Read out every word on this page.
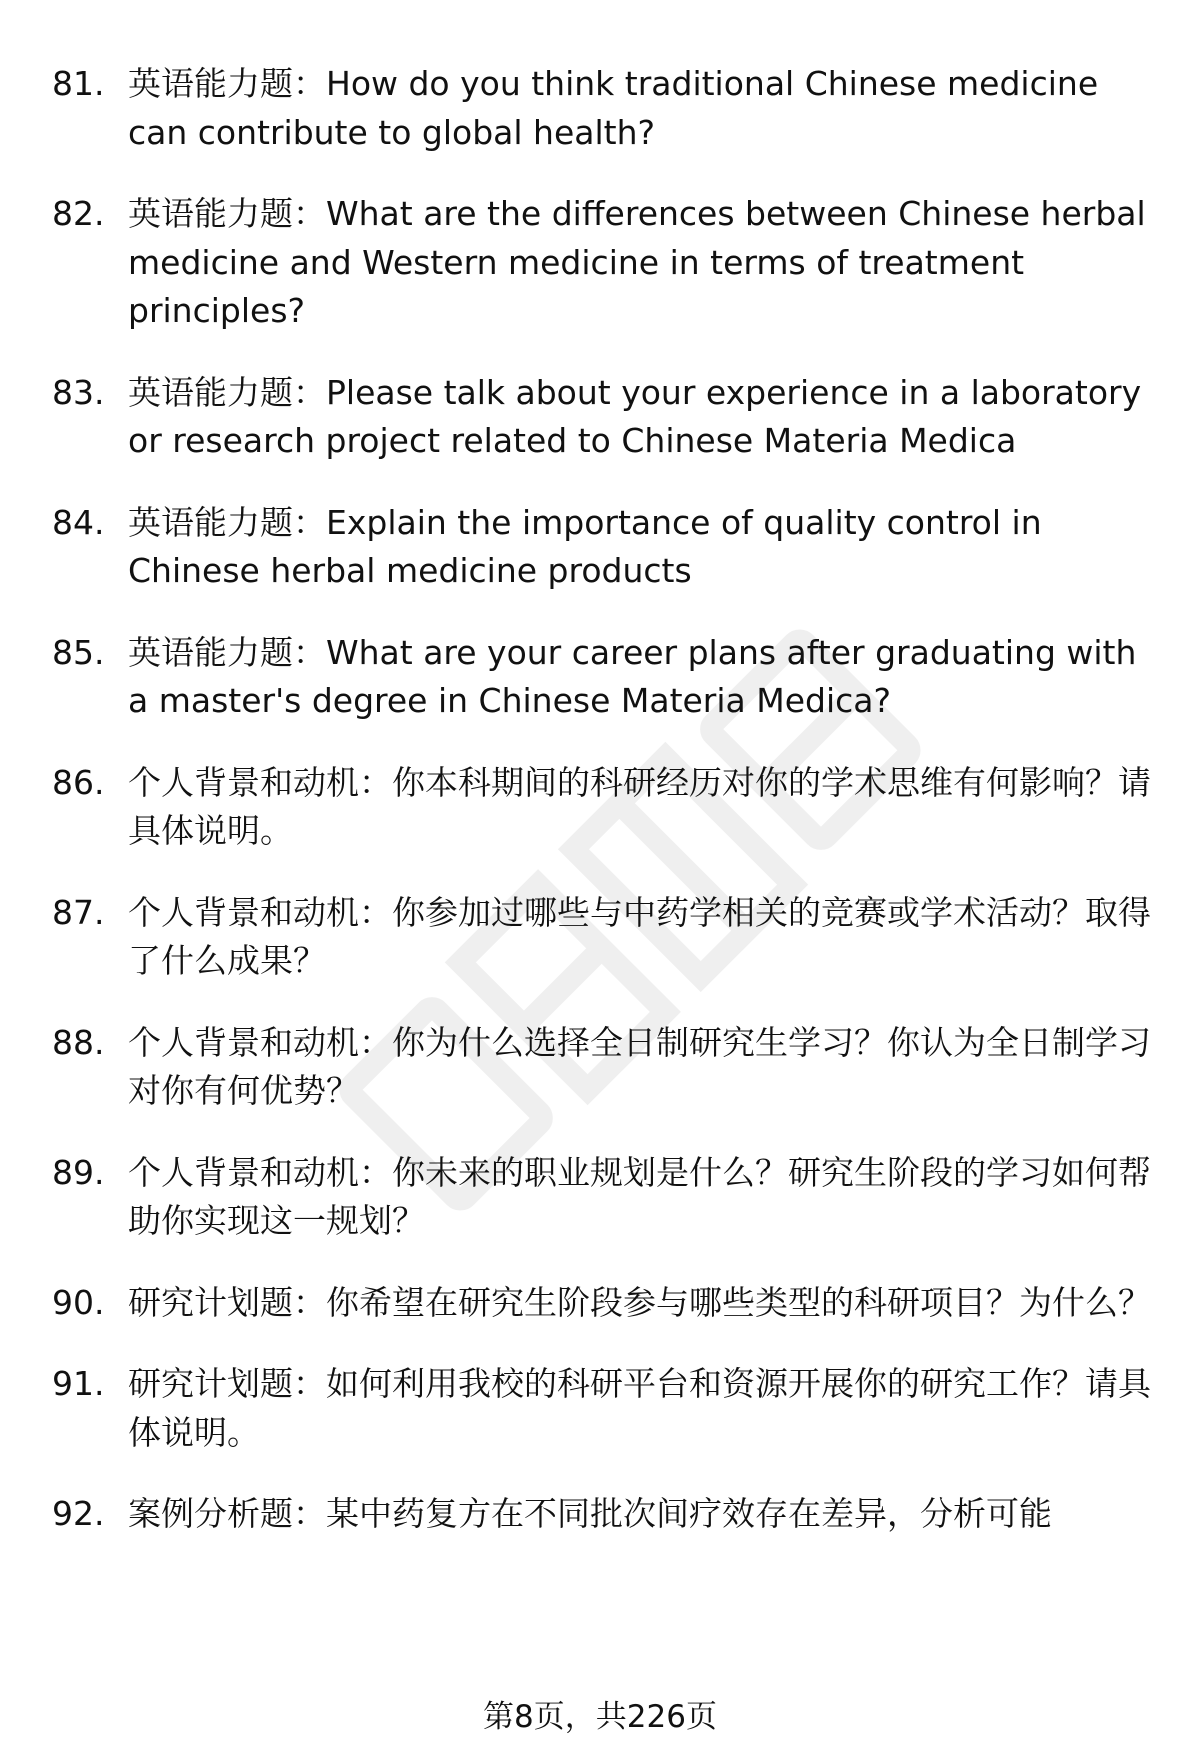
81. 英语能力题：How do you think traditional Chinese medicine can contribute to global health?
82. 英语能力题：What are the differences between Chinese herbal medicine and Western medicine in terms of treatment principles?
83. 英语能力题：Please talk about your experience in a laboratory or research project related to Chinese Materia Medica
84. 英语能力题：Explain the importance of quality control in Chinese herbal medicine products
85. 英语能力题：What are your career plans after graduating with a master's degree in Chinese Materia Medica?
86. 个人背景和动机：你本科期间的科研经历对你的学术思维有何影响？请具体说明。
87. 个人背景和动机：你参加过哪些与中药学相关的竞赛或学术活动？取得了什么成果？
88. 个人背景和动机：你为什么选择全日制研究生学习？你认为全日制学习对你有何优势？
89. 个人背景和动机：你未来的职业规划是什么？研究生阶段的学习如何帮助你实现这一规划？
90. 研究计划题：你希望在研究生阶段参与哪些类型的科研项目？为什么？
91. 研究计划题：如何利用我校的科研平台和资源开展你的研究工作？请具体说明。
92. 案例分析题：某中药复方在不同批次间疗效存在差异，分析可能
第8页，共226页
